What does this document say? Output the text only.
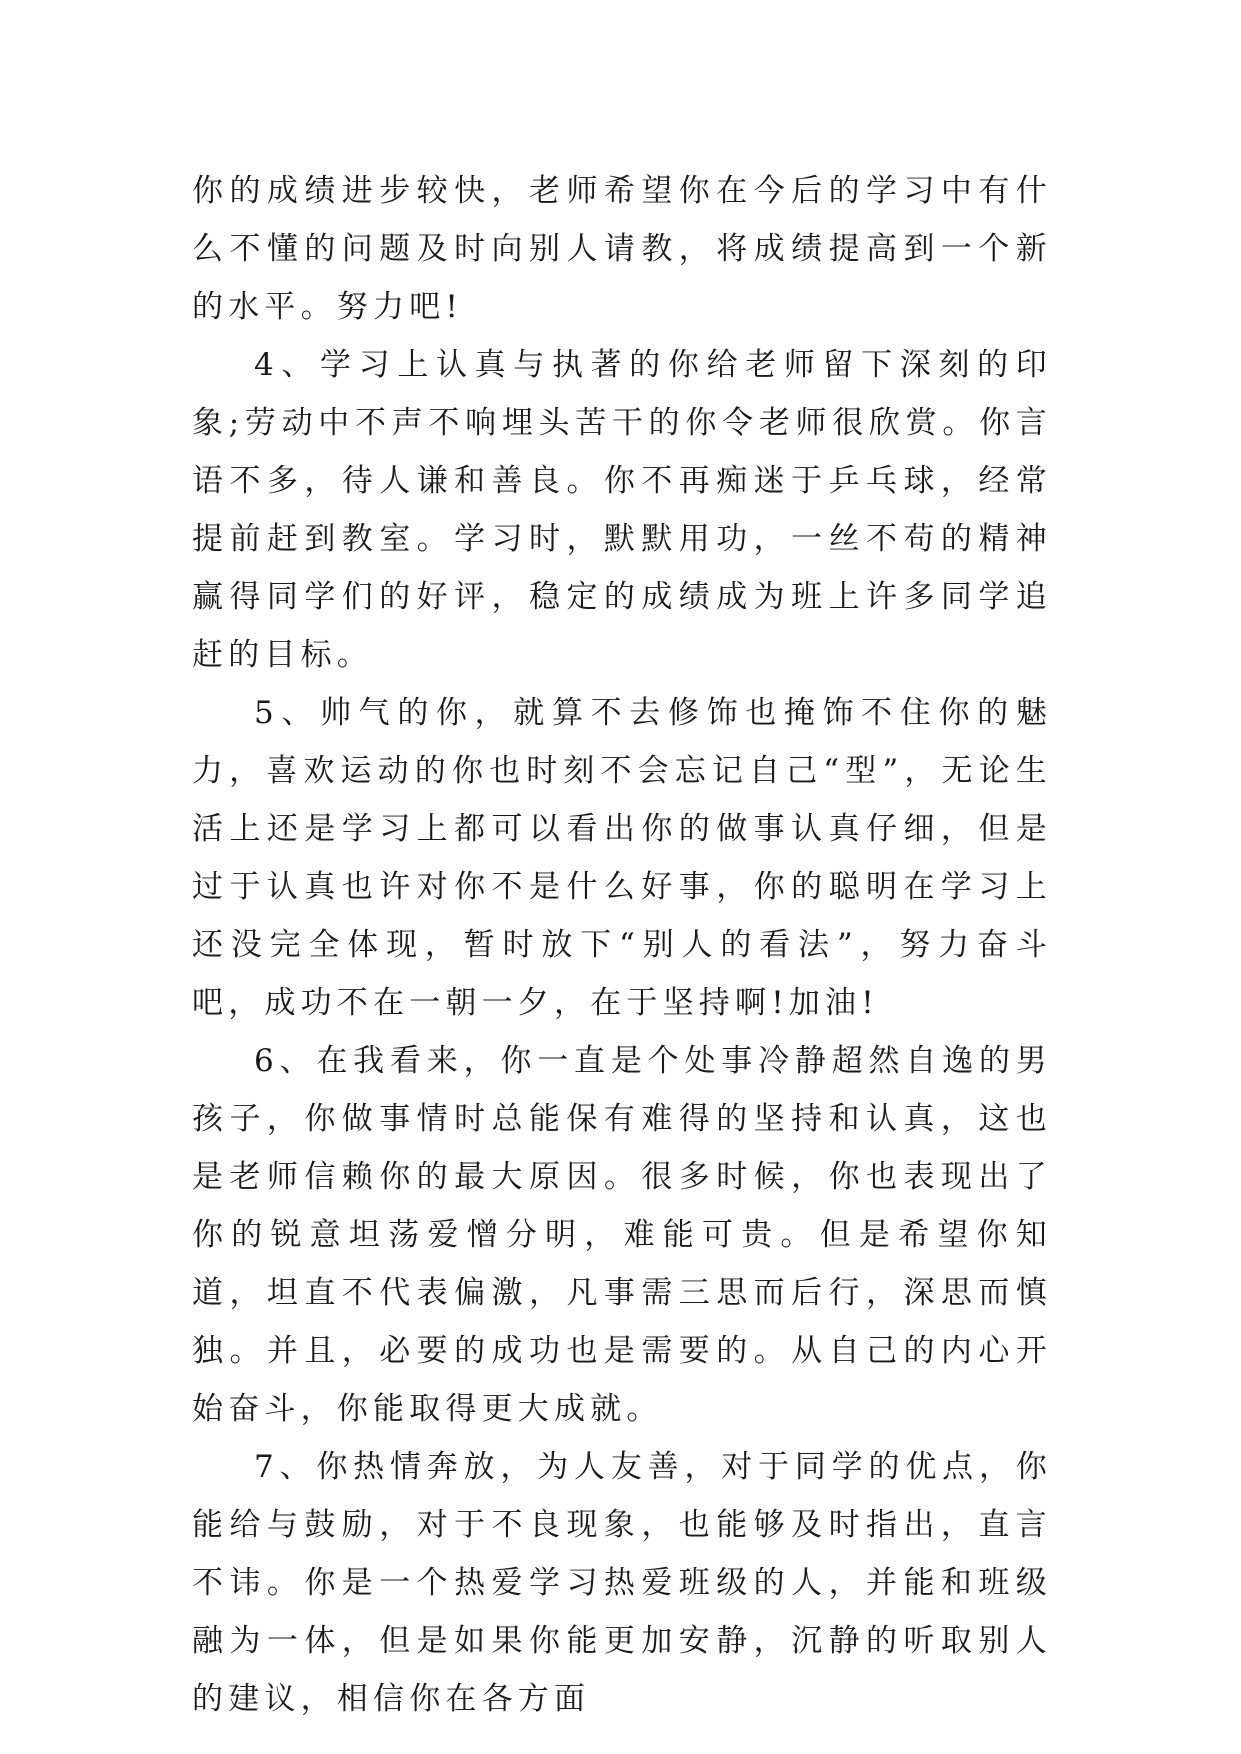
你的成绩进步较快，老师希望你在今后的学习中有什么不懂的问题及时向别人请教，将成绩提高到一个新的水平。努力吧!

4、学习上认真与执著的你给老师留下深刻的印象;劳动中不声不响埋头苦干的你令老师很欣赏。你言语不多，待人谦和善良。你不再痴迷于乒乓球，经常提前赶到教室。学习时，默默用功，一丝不苟的精神赢得同学们的好评，稳定的成绩成为班上许多同学追赶的目标。

5、帅气的你，就算不去修饰也掩饰不住你的魅力，喜欢运动的你也时刻不会忘记自己“型”，无论生活上还是学习上都可以看出你的做事认真仔细，但是过于认真也许对你不是什么好事，你的聪明在学习上还没完全体现，暂时放下“别人的看法”，努力奋斗吧，成功不在一朝一夕，在于坚持啊!加油!

6、在我看来，你一直是个处事冷静超然自逸的男孩子，你做事情时总能保有难得的坚持和认真，这也是老师信赖你的最大原因。很多时候，你也表现出了你的锐意坦荡爱憎分明，难能可贵。但是希望你知道，坦直不代表偏激，凡事需三思而后行，深思而慎独。并且，必要的成功也是需要的。从自己的内心开始奋斗，你能取得更大成就。

7、你热情奔放，为人友善，对于同学的优点，你能给与鼓励，对于不良现象，也能够及时指出，直言不讳。你是一个热爱学习热爱班级的人，并能和班级融为一体，但是如果你能更加安静，沉静的听取别人的建议，相信你在各方面
